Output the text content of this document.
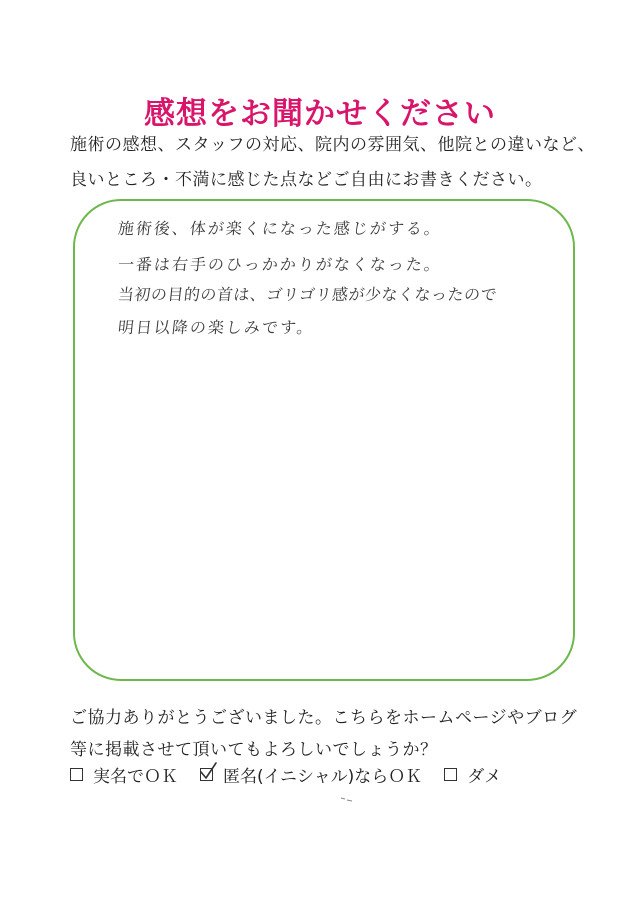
感想をお聞かせください
施術の感想、スタッフの対応、院内の雰囲気、他院との違いなど、
良いところ・不満に感じた点などご自由にお書きください。
施術後、体が楽くになった感じがする。
一番は右手のひっかかりがなくなった。
当初の目的の首は、ゴリゴリ感が少なくなったので
明日以降の楽しみです。
ご協力ありがとうございました。こちらをホームページやブログ
等に掲載させて頂いてもよろしいでしょうか？
実名でＯＫ	匿名(イニシャル)ならＯＫ	ダメ
